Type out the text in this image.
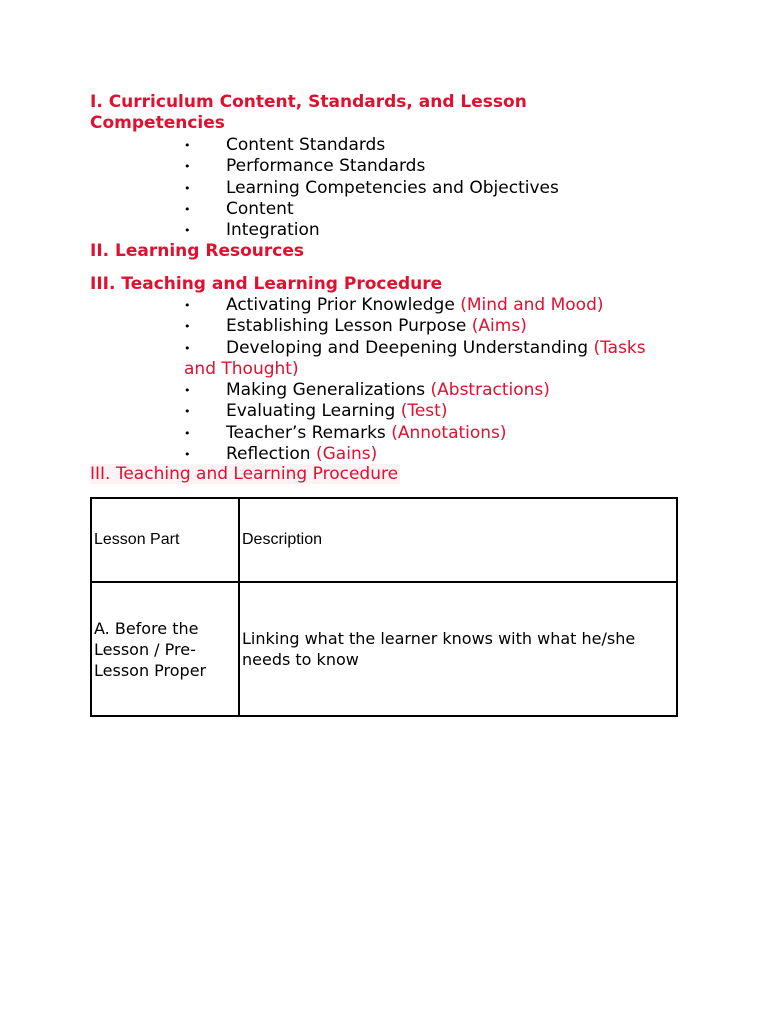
I. Curriculum Content, Standards, and Lesson Competencies
• Content Standards
• Performance Standards
• Learning Competencies and Objectives
• Content
• Integration
II. Learning Resources
III. Teaching and Learning Procedure
• Activating Prior Knowledge (Mind and Mood)
• Establishing Lesson Purpose (Aims)
• Developing and Deepening Understanding (Tasks and Thought)
• Making Generalizations (Abstractions)
• Evaluating Learning (Test)
• Teacher’s Remarks (Annotations)
• Reflection (Gains)
III. Teaching and Learning Procedure
Lesson Part	Description
A. Before the Lesson / Pre-Lesson Proper	Linking what the learner knows with what he/she needs to know
